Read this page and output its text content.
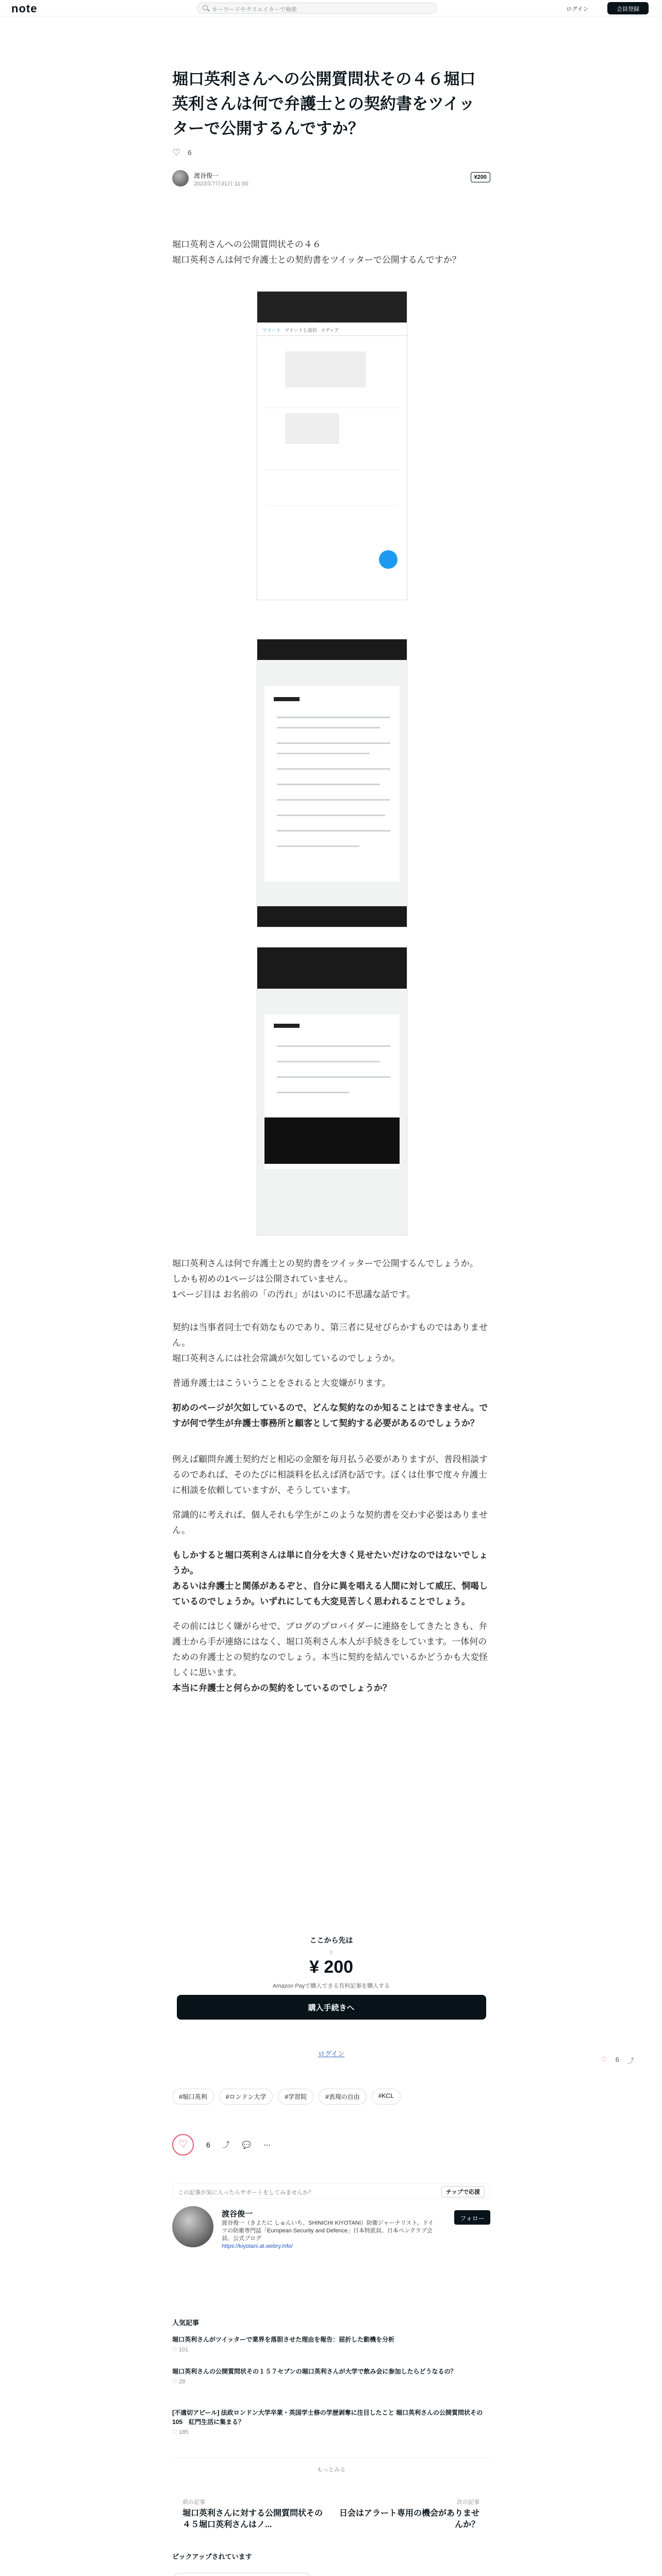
note	キーワードやクリエイターで検索	ログイン	会員登録
堀口英利さんへの公開質問状その４６堀口英利さんは何で弁護士との契約書をツイッターで公開するんですか？
♡
6
渡谷俊一
2023年7月31日 11:00
¥200
堀口英利さんへの公開質問状その４６
堀口英利さんは何で弁護士との契約書をツイッターで公開するんですか？
ツイート ツイートと返信 メディア
堀口英利さんは何で弁護士との契約書をツイッターで公開するんでしょうか。
しかも初めの1ページは公開されていません。
1ページ目は お名前の「の汚れ」がはいのに不思議な話です。
契約は当事者同士で有効なものであり、第三者に見せびらかすものではありません。
堀口英利さんには社会常識が欠如しているのでしょうか。
普通弁護士はこういうことをされると大変嫌がります。
初めのページが欠如しているので、どんな契約なのか知ることはできません。ですが何で学生が弁護士事務所と顧客として契約する必要があるのでしょうか？
例えば顧問弁護士契約だと相応の金額を毎月払う必要がありますが、普段相談するのであれば、そのたびに相談料を払えば済む話です。ぼくは仕事で度々弁護士に相談を依頼していますが、そうしています。
常識的に考えれば、個人それも学生がこのような契約書を交わす必要はありません。
もしかすると堀口英利さんは単に自分を大きく見せたいだけなのではないでしょうか。
あるいは弁護士と関係があるぞと、自分に異を唱える人間に対して威圧、恫喝しているのでしょうか。いずれにしても大変見苦しく思われることでしょう。
その前にはじく嫌がらせで、ブログのプロバイダーに連絡をしてきたときも、弁護士から手が連絡にはなく、堀口英利さん本人が手続きをしています。一体何のための弁護士との契約なのでしょう。本当に契約を結んでいるかどうかも大変怪しくに思います。
本当に弁護士と何らかの契約をしているのでしょうか？
♡ 6 ⤴
ここから先は
⚐
¥ 200
Amazon Payで購入できる有料記事を購入する
購入手続きへ
ログイン
#堀口英利	#ロンドン大学	#学習院	#表現の自由	#KCL
♡	6 ⤴ 💬 ⋯
この記事が気に入ったらサポートをしてみませんか？	チップで応援
渡谷俊一
渡谷俊一（きよたに しゅんいち、SHINICHI KIYOTANI）防衛ジャーナリスト。ドイツの防衛専門誌「European Security and Defence」日本特派員。日本ペンクラブ会員。公式ブログ
https://kiyotani.at.webry.info/
フォロー
人気記事
堀口英利さんがツイッターで業界を落胆させた理由を報告：屈折した動機を分析
♡ 101
堀口英利さんの公開質問状その１５７セブンの堀口英利さんが大学で飲み会に参加したらどうなるの？
♡ 28
[不適切アピール] 法政ロンドン大学卒業・英国学士修の学歴剥奪に注目したこと 堀口英利さんの公開質問状その105　紅門生活に集まる？
♡ 185
もっとみる
前の記事
堀口英利さんに対する公開質問状その４５堀口英利さんはノ...
次の記事
日会はアラート専用の機会がありませんか？
ピックアップされています
